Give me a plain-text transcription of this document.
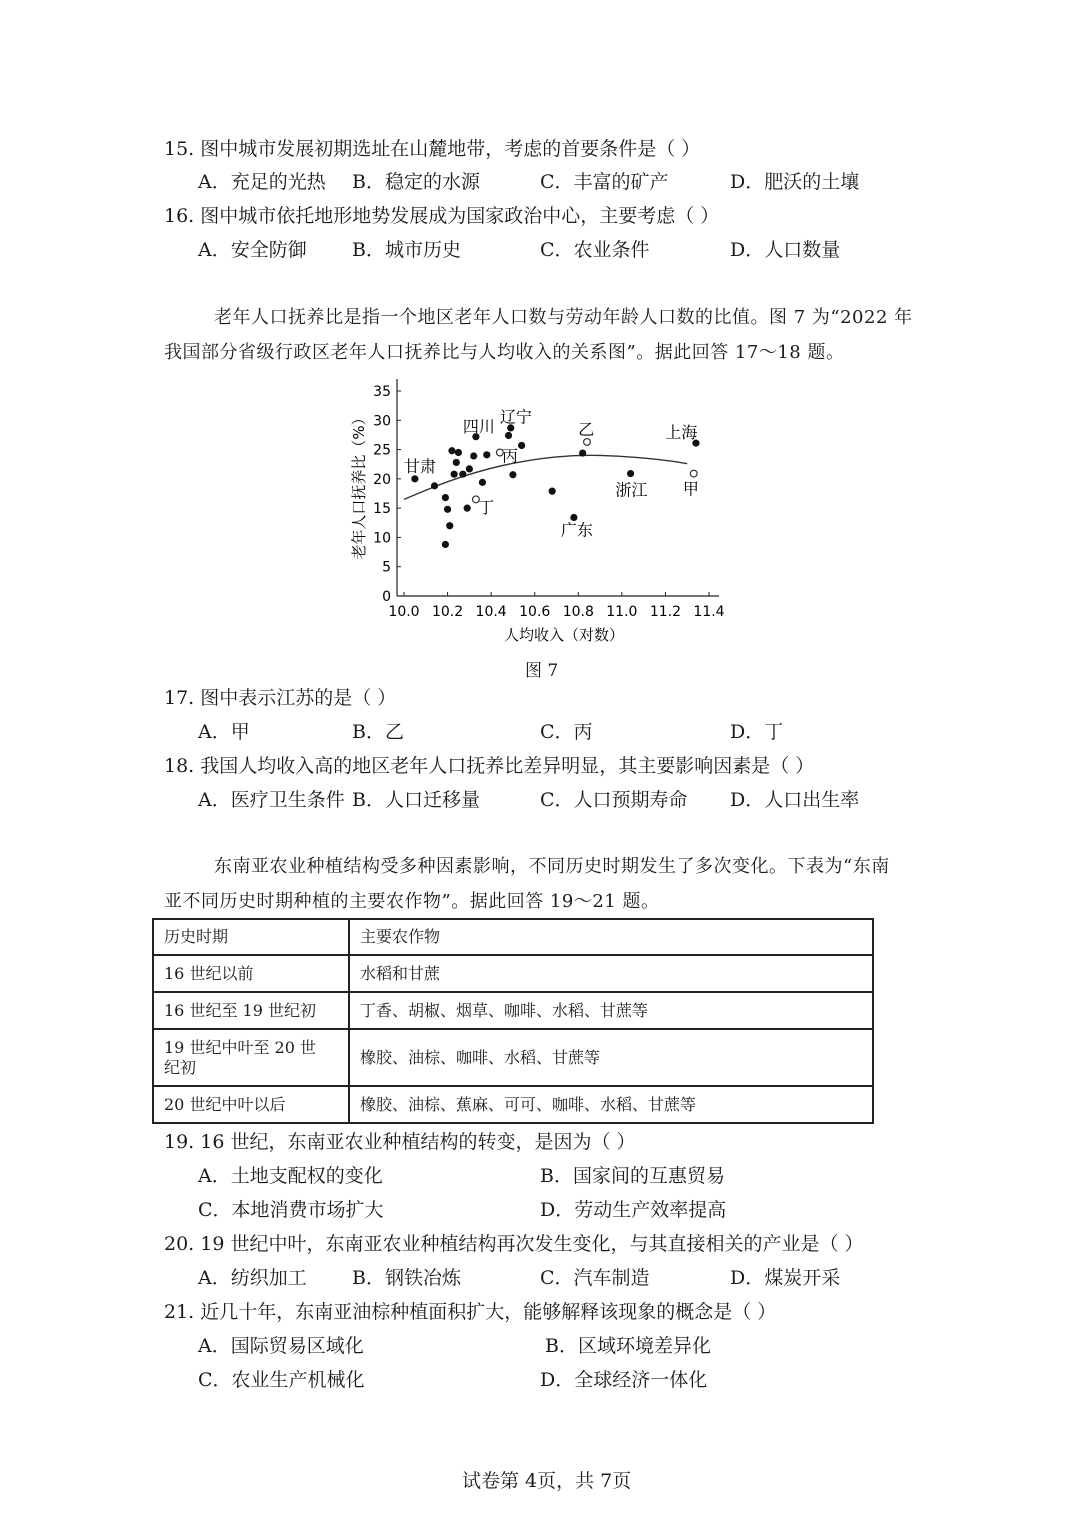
15. 图中城市发展初期选址在山麓地带，考虑的首要条件是（ ）
A．充足的光热 B．稳定的水源	C．丰富的矿产	D．肥沃的土壤
16. 图中城市依托地形地势发展成为国家政治中心，主要考虑（ ）
A．安全防御 B．城市历史	C．农业条件	D．人口数量
老年人口抚养比是指一个地区老年人口数与劳动年龄人口数的比值。图 7 为“2022 年
我国部分省级行政区老年人口抚养比与人均收入的关系图”。据此回答 17～18 题。
0
5
10
15
20
25
30
35
10.0 10.2 10.4 10.6 10.8 11.0 11.2 11.4
甘肃
四川 辽宁
乙	上海
丙
丁
浙江 甲
广东
老年人口抚养比（%）
人均收入（对数）
图 7
17. 图中表示江苏的是（ ）
A．甲	B．乙	C．丙	D．丁
18. 我国人均收入高的地区老年人口抚养比差异明显，其主要影响因素是（ ）
A．医疗卫生条件 B．人口迁移量	C．人口预期寿命 D．人口出生率
东南亚农业种植结构受多种因素影响，不同历史时期发生了多次变化。下表为“东南
亚不同历史时期种植的主要农作物”。据此回答 19～21 题。
历史时期	主要农作物
16 世纪以前	水稻和甘蔗
16 世纪至 19 世纪初	丁香、胡椒、烟草、咖啡、水稻、甘蔗等
19 世纪中叶至 20 世
纪初	橡胶、油棕、咖啡、水稻、甘蔗等
20 世纪中叶以后	橡胶、油棕、蕉麻、可可、咖啡、水稻、甘蔗等
19. 16 世纪，东南亚农业种植结构的转变，是因为（ ）
A．土地支配权的变化	B．国家间的互惠贸易
C．本地消费市场扩大	D．劳动生产效率提高
20. 19 世纪中叶，东南亚农业种植结构再次发生变化，与其直接相关的产业是（ ）
A．纺织加工 B．钢铁冶炼	C．汽车制造	D．煤炭开采
21. 近几十年，东南亚油棕种植面积扩大，能够解释该现象的概念是（ ）
A．国际贸易区域化	B．区域环境差异化
C．农业生产机械化	D．全球经济一体化
试卷第 4页，共 7页
